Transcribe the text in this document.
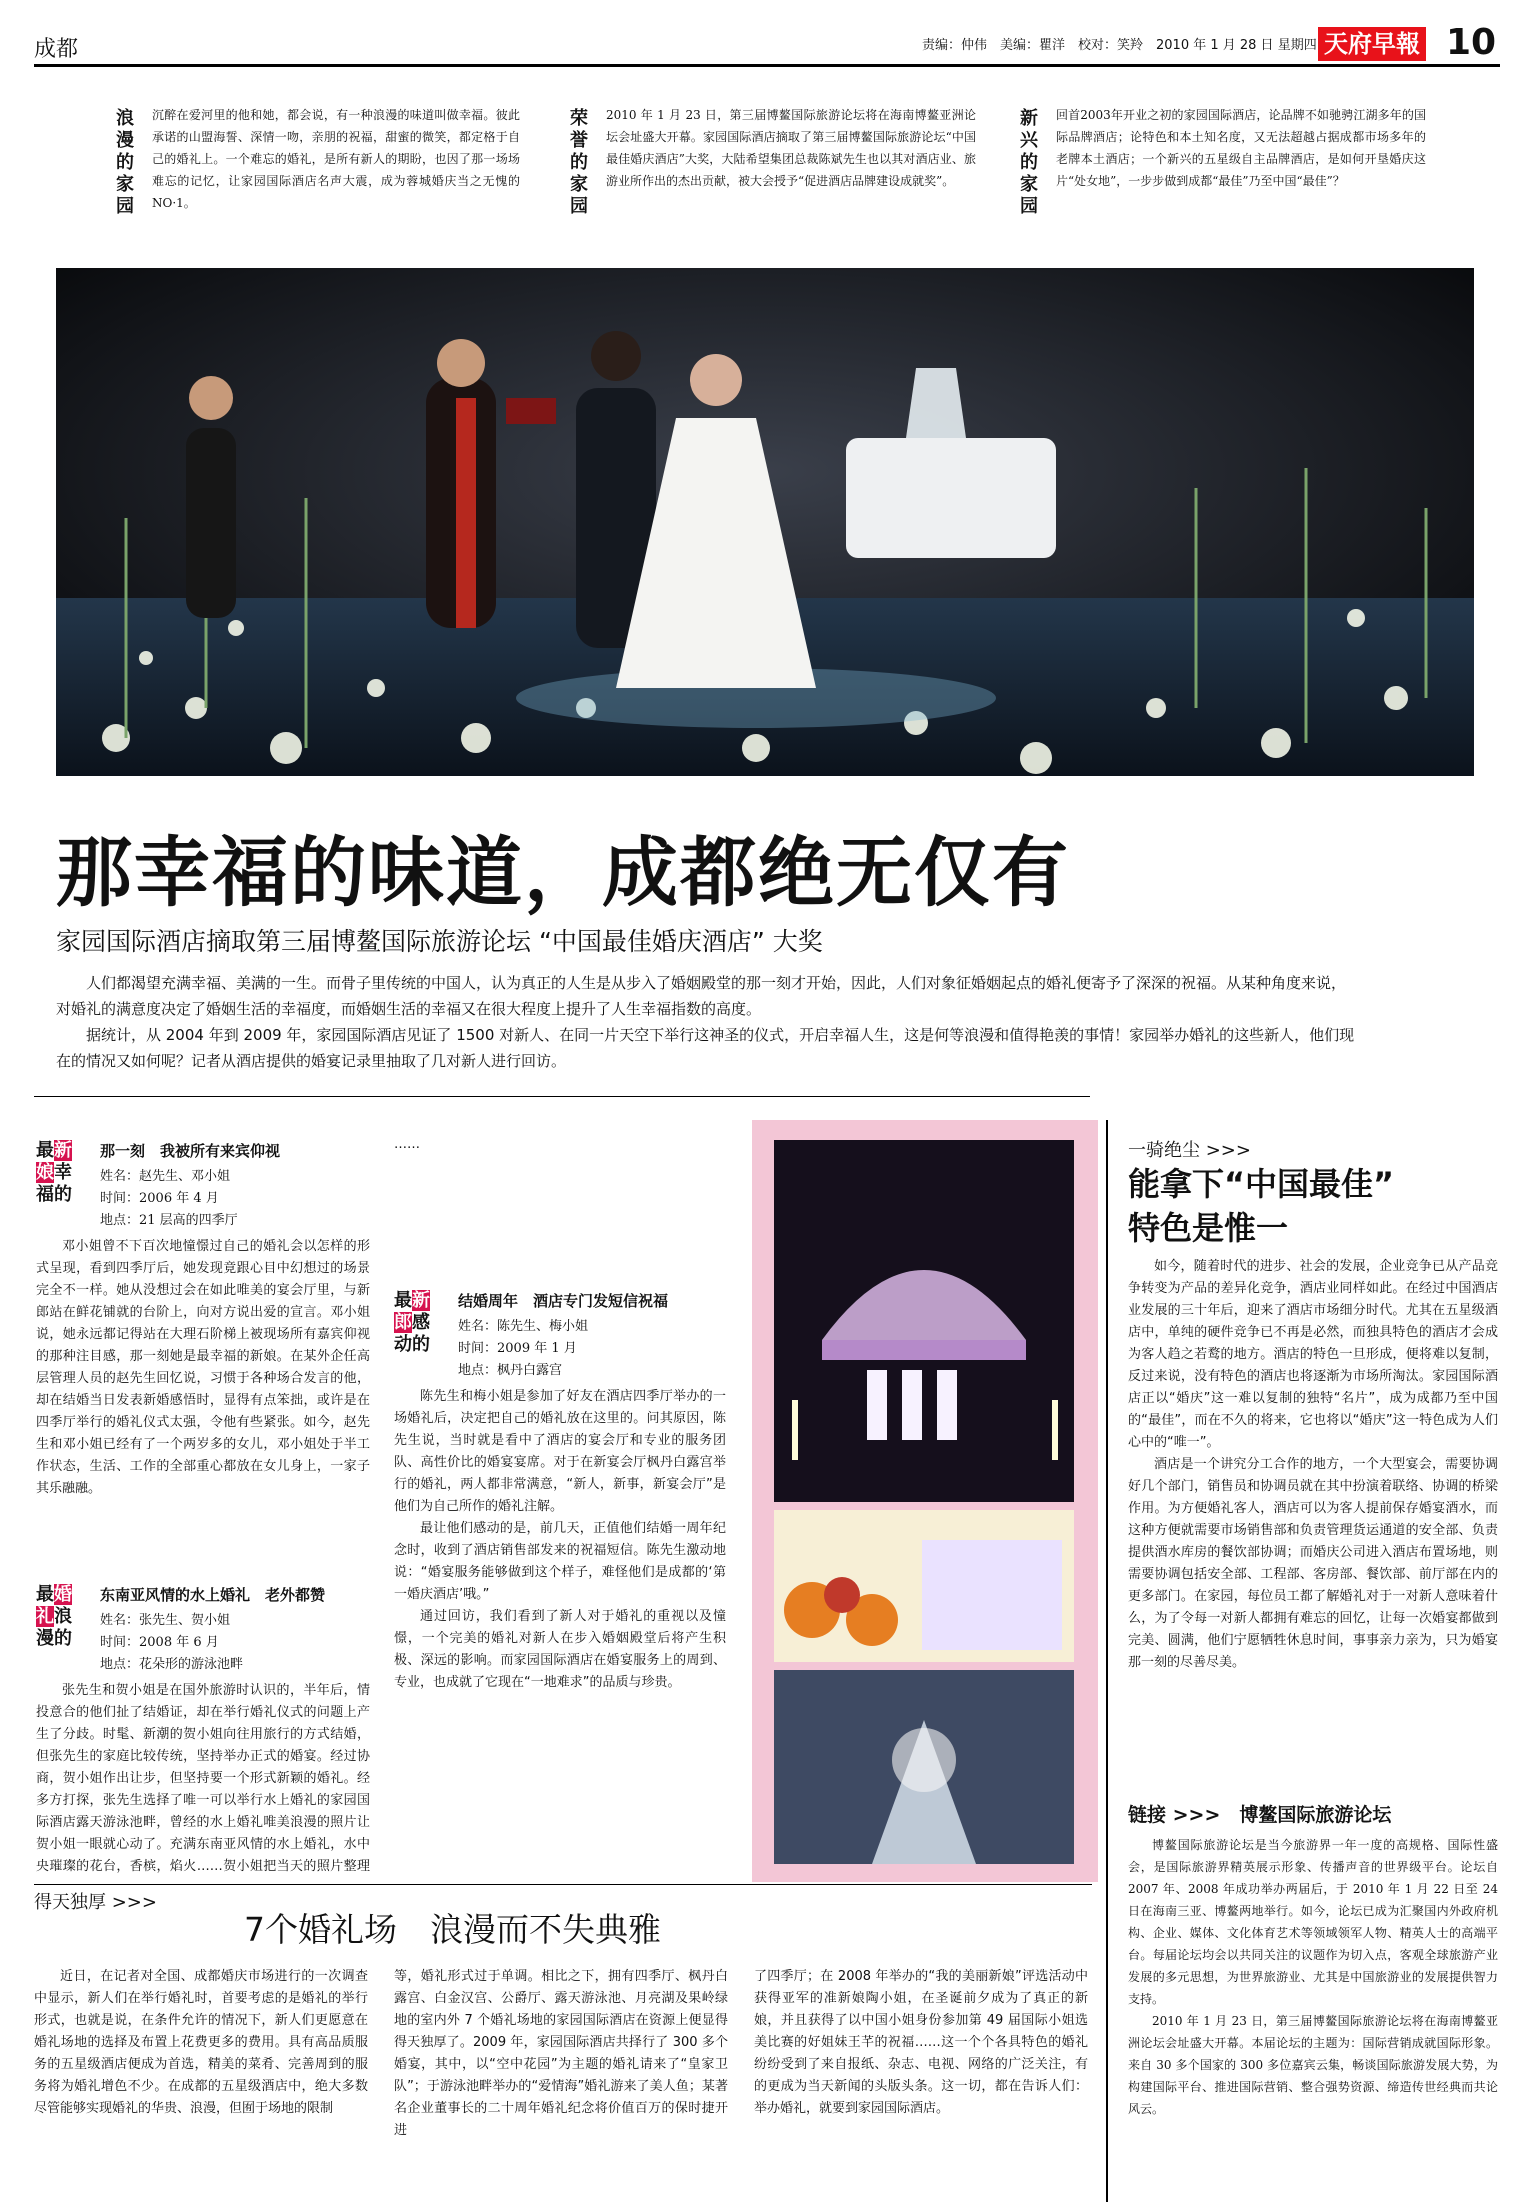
成都	责编：仲伟　美编：瞿洋　校对：笑羚　2010 年 1 月 28 日 星期四 天府早報 10
浪漫的家园
沉醉在爱河里的他和她，都会说，有一种浪漫的味道叫做幸福。彼此承诺的山盟海誓、深情一吻，亲朋的祝福，甜蜜的微笑，都定格于自己的婚礼上。一个难忘的婚礼，是所有新人的期盼，也因了那一场场难忘的记忆，让家园国际酒店名声大震，成为蓉城婚庆当之无愧的NO·1。
荣誉的家园
2010 年 1 月 23 日，第三届博鳌国际旅游论坛将在海南博鳌亚洲论坛会址盛大开幕。家园国际酒店摘取了第三届博鳌国际旅游论坛“中国最佳婚庆酒店”大奖，大陆希望集团总裁陈斌先生也以其对酒店业、旅游业所作出的杰出贡献，被大会授予“促进酒店品牌建设成就奖”。
新兴的家园
回首2003年开业之初的家园国际酒店，论品牌不如驰骋江湖多年的国际品牌酒店；论特色和本土知名度，又无法超越占据成都市场多年的老牌本土酒店；一个新兴的五星级自主品牌酒店，是如何开垦婚庆这片“处女地”，一步步做到成都“最佳”乃至中国“最佳”？
那幸福的味道，成都绝无仅有
家园国际酒店摘取第三届博鳌国际旅游论坛 “中国最佳婚庆酒店” 大奖
人们都渴望充满幸福、美满的一生。而骨子里传统的中国人，认为真正的人生是从步入了婚姻殿堂的那一刻才开始，因此，人们对象征婚姻起点的婚礼便寄予了深深的祝福。从某种角度来说，对婚礼的满意度决定了婚姻生活的幸福度，而婚姻生活的幸福又在很大程度上提升了人生幸福指数的高度。
据统计，从 2004 年到 2009 年，家园国际酒店见证了 1500 对新人、在同一片天空下举行这神圣的仪式，开启幸福人生，这是何等浪漫和值得艳羡的事情！家园举办婚礼的这些新人，他们现在的情况又如何呢？记者从酒店提供的婚宴记录里抽取了几对新人进行回访。
最新娘幸福的
那一刻　我被所有来宾仰视
姓名：赵先生、邓小姐
时间：2006 年 4 月
地点：21 层高的四季厅
邓小姐曾不下百次地憧憬过自己的婚礼会以怎样的形式呈现，看到四季厅后，她发现竟跟心目中幻想过的场景完全不一样。她从没想过会在如此唯美的宴会厅里，与新郎站在鲜花铺就的台阶上，向对方说出爱的宣言。邓小姐说，她永远都记得站在大理石阶梯上被现场所有嘉宾仰视的那种注目感，那一刻她是最幸福的新娘。在某外企任高层管理人员的赵先生回忆说，习惯于各种场合发言的他，却在结婚当日发表新婚感悟时，显得有点笨拙，或许是在四季厅举行的婚礼仪式太强，令他有些紧张。如今，赵先生和邓小姐已经有了一个两岁多的女儿，邓小姐处于半工作状态，生活、工作的全部重心都放在女儿身上，一家子其乐融融。
最婚礼浪漫的
东南亚风情的水上婚礼　老外都赞
姓名：张先生、贺小姐
时间：2008 年 6 月
地点：花朵形的游泳池畔
张先生和贺小姐是在国外旅游时认识的，半年后，情投意合的他们扯了结婚证，却在举行婚礼仪式的问题上产生了分歧。时髦、新潮的贺小姐向往用旅行的方式结婚，但张先生的家庭比较传统，坚持举办正式的婚宴。经过协商，贺小姐作出让步，但坚持要一个形式新颖的婚礼。经多方打探，张先生选择了唯一可以举行水上婚礼的家园国际酒店露天游泳池畔，曾经的水上婚礼唯美浪漫的照片让贺小姐一眼就心动了。充满东南亚风情的水上婚礼，水中央璀璨的花台，香槟，焰火……贺小姐把当天的照片整理
……
最新郎感动的
结婚周年　酒店专门发短信祝福
姓名：陈先生、梅小姐
时间：2009 年 1 月
地点：枫丹白露宫
陈先生和梅小姐是参加了好友在酒店四季厅举办的一场婚礼后，决定把自己的婚礼放在这里的。问其原因，陈先生说，当时就是看中了酒店的宴会厅和专业的服务团队、高性价比的婚宴宴席。对于在新宴会厅枫丹白露宫举行的婚礼，两人都非常满意，“新人，新事，新宴会厅”是他们为自己所作的婚礼注解。
最让他们感动的是，前几天，正值他们结婚一周年纪念时，收到了酒店销售部发来的祝福短信。陈先生激动地说：“婚宴服务能够做到这个样子，难怪他们是成都的‘第一婚庆酒店’哦。”
通过回访，我们看到了新人对于婚礼的重视以及憧憬，一个完美的婚礼对新人在步入婚姻殿堂后将产生积极、深远的影响。而家园国际酒店在婚宴服务上的周到、专业，也成就了它现在“一地难求”的品质与珍贵。
一骑绝尘 >>>
能拿下“中国最佳”
特色是惟一
如今，随着时代的进步、社会的发展，企业竞争已从产品竞争转变为产品的差异化竞争，酒店业同样如此。在经过中国酒店业发展的三十年后，迎来了酒店市场细分时代。尤其在五星级酒店中，单纯的硬件竞争已不再是必然，而独具特色的酒店才会成为客人趋之若鹜的地方。酒店的特色一旦形成，便将难以复制，反过来说，没有特色的酒店也将逐渐为市场所淘汰。家园国际酒店正以“婚庆”这一难以复制的独特“名片”，成为成都乃至中国的“最佳”，而在不久的将来，它也将以“婚庆”这一特色成为人们心中的“唯一”。
酒店是一个讲究分工合作的地方，一个大型宴会，需要协调好几个部门，销售员和协调员就在其中扮演着联络、协调的桥梁作用。为方便婚礼客人，酒店可以为客人提前保存婚宴酒水，而这种方便就需要市场销售部和负责管理货运通道的安全部、负责提供酒水库房的餐饮部协调；而婚庆公司进入酒店布置场地，则需要协调包括安全部、工程部、客房部、餐饮部、前厅部在内的更多部门。在家园，每位员工都了解婚礼对于一对新人意味着什么，为了令每一对新人都拥有难忘的回忆，让每一次婚宴都做到完美、圆满，他们宁愿牺牲休息时间，事事亲力亲为，只为婚宴那一刻的尽善尽美。
链接 >>>　 博鳌国际旅游论坛
博鳌国际旅游论坛是当今旅游界一年一度的高规格、国际性盛会，是国际旅游界精英展示形象、传播声音的世界级平台。论坛自 2007 年、2008 年成功举办两届后，于 2010 年 1 月 22 日至 24 日在海南三亚、博鳌两地举行。如今，论坛已成为汇聚国内外政府机构、企业、媒体、文化体育艺术等领域领军人物、精英人士的高端平台。每届论坛均会以共同关注的议题作为切入点，客观全球旅游产业发展的多元思想，为世界旅游业、尤其是中国旅游业的发展提供智力支持。
2010 年 1 月 23 日，第三届博鳌国际旅游论坛将在海南博鳌亚洲论坛会址盛大开幕。本届论坛的主题为：国际营销成就国际形象。来自 30 多个国家的 300 多位嘉宾云集，畅谈国际旅游发展大势，为构建国际平台、推进国际营销、整合强势资源、缔造传世经典而共论风云。
得天独厚 >>>
7个婚礼场　浪漫而不失典雅
近日，在记者对全国、成都婚庆市场进行的一次调查中显示，新人们在举行婚礼时，首要考虑的是婚礼的举行形式，也就是说，在条件允许的情况下，新人们更愿意在婚礼场地的选择及布置上花费更多的费用。具有高品质服务的五星级酒店便成为首选，精美的菜肴、完善周到的服务将为婚礼增色不少。在成都的五星级酒店中，绝大多数尽管能够实现婚礼的华贵、浪漫，但囿于场地的限制
等，婚礼形式过于单调。相比之下，拥有四季厅、枫丹白露宫、白金汉宫、公爵厅、露天游泳池、月亮湖及果岭绿地的室内外 7 个婚礼场地的家园国际酒店在资源上便显得得天独厚了。2009 年，家园国际酒店共择行了 300 多个婚宴，其中，以“空中花园”为主题的婚礼请来了“皇家卫队”；于游泳池畔举办的“爱情海”婚礼游来了美人鱼；某著名企业董事长的二十周年婚礼纪念将价值百万的保时捷开进
了四季厅；在 2008 年举办的“我的美丽新娘”评选活动中获得亚军的准新娘陶小姐，在圣诞前夕成为了真正的新娘，并且获得了以中国小姐身份参加第 49 届国际小姐选美比赛的好姐妹王芊的祝福……这一个个各具特色的婚礼纷纷受到了来自报纸、杂志、电视、网络的广泛关注，有的更成为当天新闻的头版头条。这一切，都在告诉人们：举办婚礼，就要到家园国际酒店。
